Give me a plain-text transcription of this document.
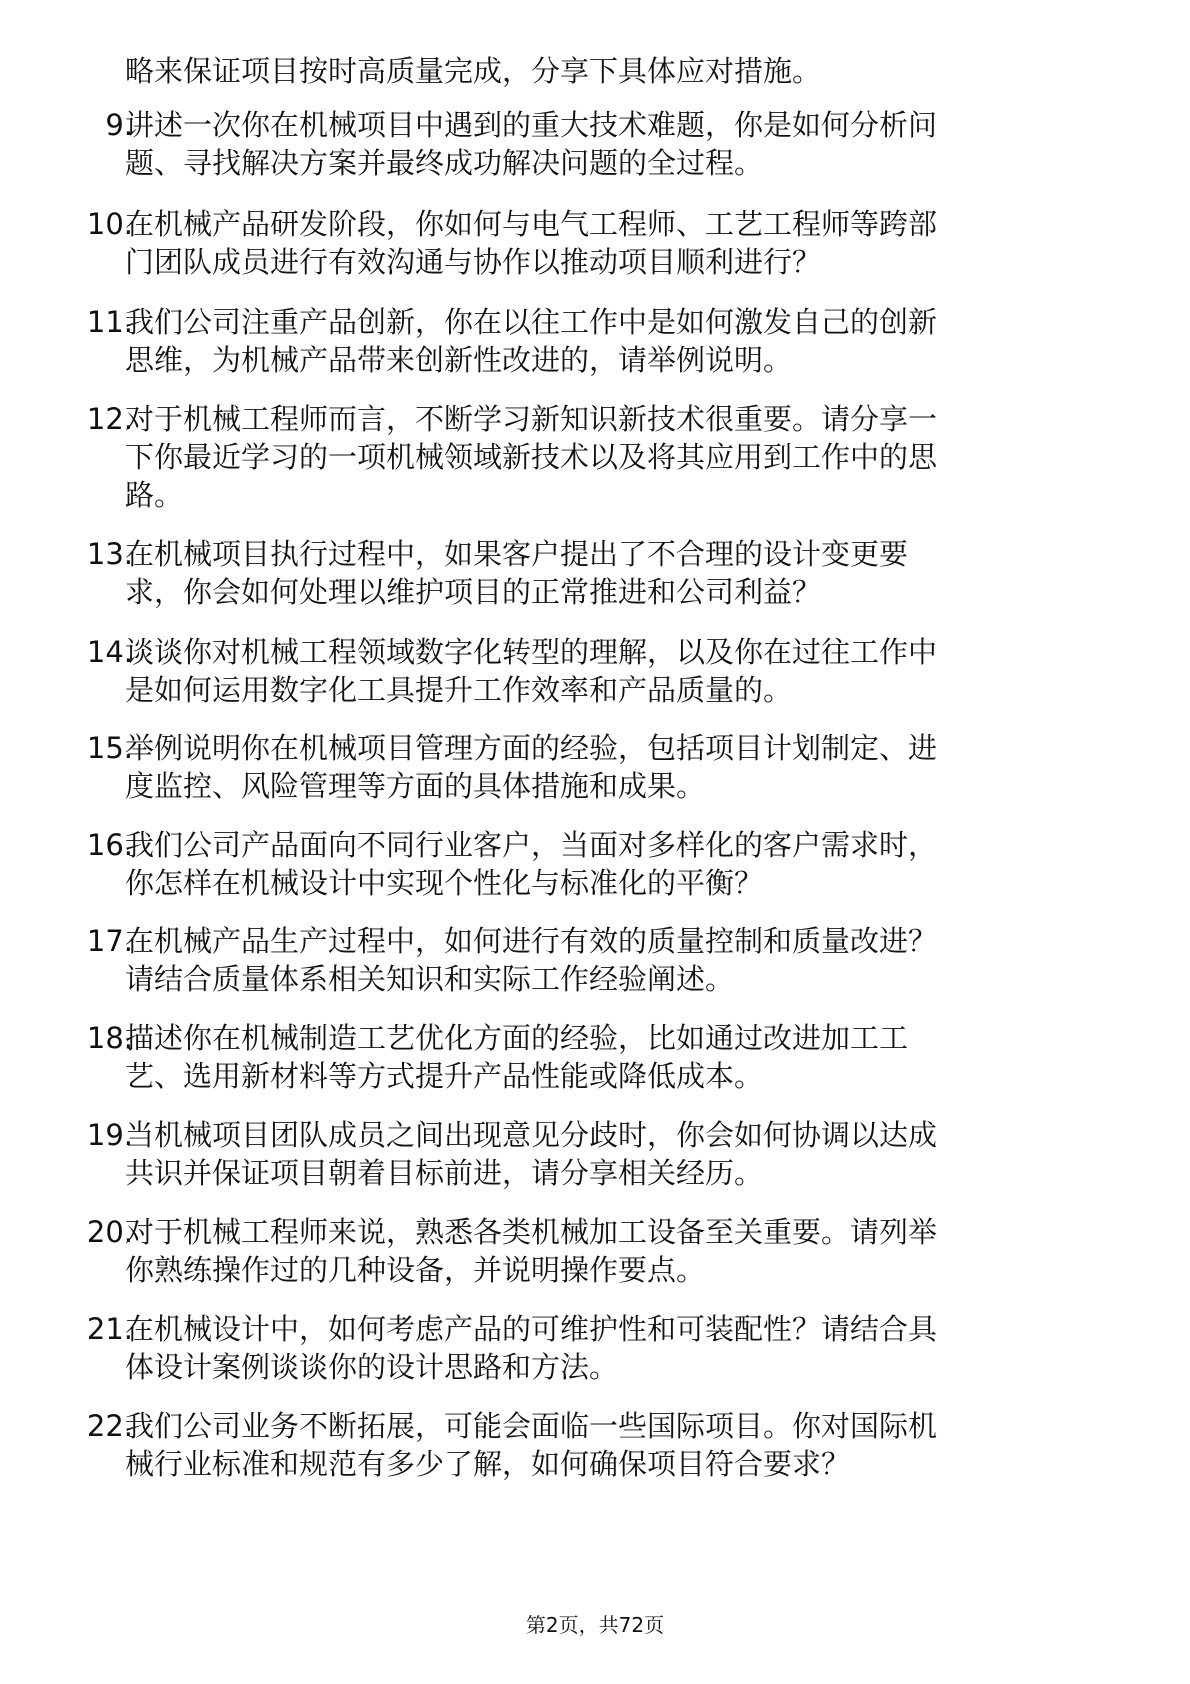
略来保证项目按时高质量完成，分享下具体应对措施。
9.
讲述一次你在机械项目中遇到的重大技术难题，你是如何分析问
题、寻找解决方案并最终成功解决问题的全过程。
10.
在机械产品研发阶段，你如何与电气工程师、工艺工程师等跨部
门团队成员进行有效沟通与协作以推动项目顺利进行？
11.
我们公司注重产品创新，你在以往工作中是如何激发自己的创新
思维，为机械产品带来创新性改进的，请举例说明。
12.
对于机械工程师而言，不断学习新知识新技术很重要。请分享一
下你最近学习的一项机械领域新技术以及将其应用到工作中的思
路。
13.
在机械项目执行过程中，如果客户提出了不合理的设计变更要
求，你会如何处理以维护项目的正常推进和公司利益？
14.
谈谈你对机械工程领域数字化转型的理解，以及你在过往工作中
是如何运用数字化工具提升工作效率和产品质量的。
15.
举例说明你在机械项目管理方面的经验，包括项目计划制定、进
度监控、风险管理等方面的具体措施和成果。
16.
我们公司产品面向不同行业客户，当面对多样化的客户需求时，
你怎样在机械设计中实现个性化与标准化的平衡？
17.
在机械产品生产过程中，如何进行有效的质量控制和质量改进？
请结合质量体系相关知识和实际工作经验阐述。
18.
描述你在机械制造工艺优化方面的经验，比如通过改进加工工
艺、选用新材料等方式提升产品性能或降低成本。
19.
当机械项目团队成员之间出现意见分歧时，你会如何协调以达成
共识并保证项目朝着目标前进，请分享相关经历。
20.
对于机械工程师来说，熟悉各类机械加工设备至关重要。请列举
你熟练操作过的几种设备，并说明操作要点。
21.
在机械设计中，如何考虑产品的可维护性和可装配性？请结合具
体设计案例谈谈你的设计思路和方法。
22.
我们公司业务不断拓展，可能会面临一些国际项目。你对国际机
械行业标准和规范有多少了解，如何确保项目符合要求？
第2页，共72页
